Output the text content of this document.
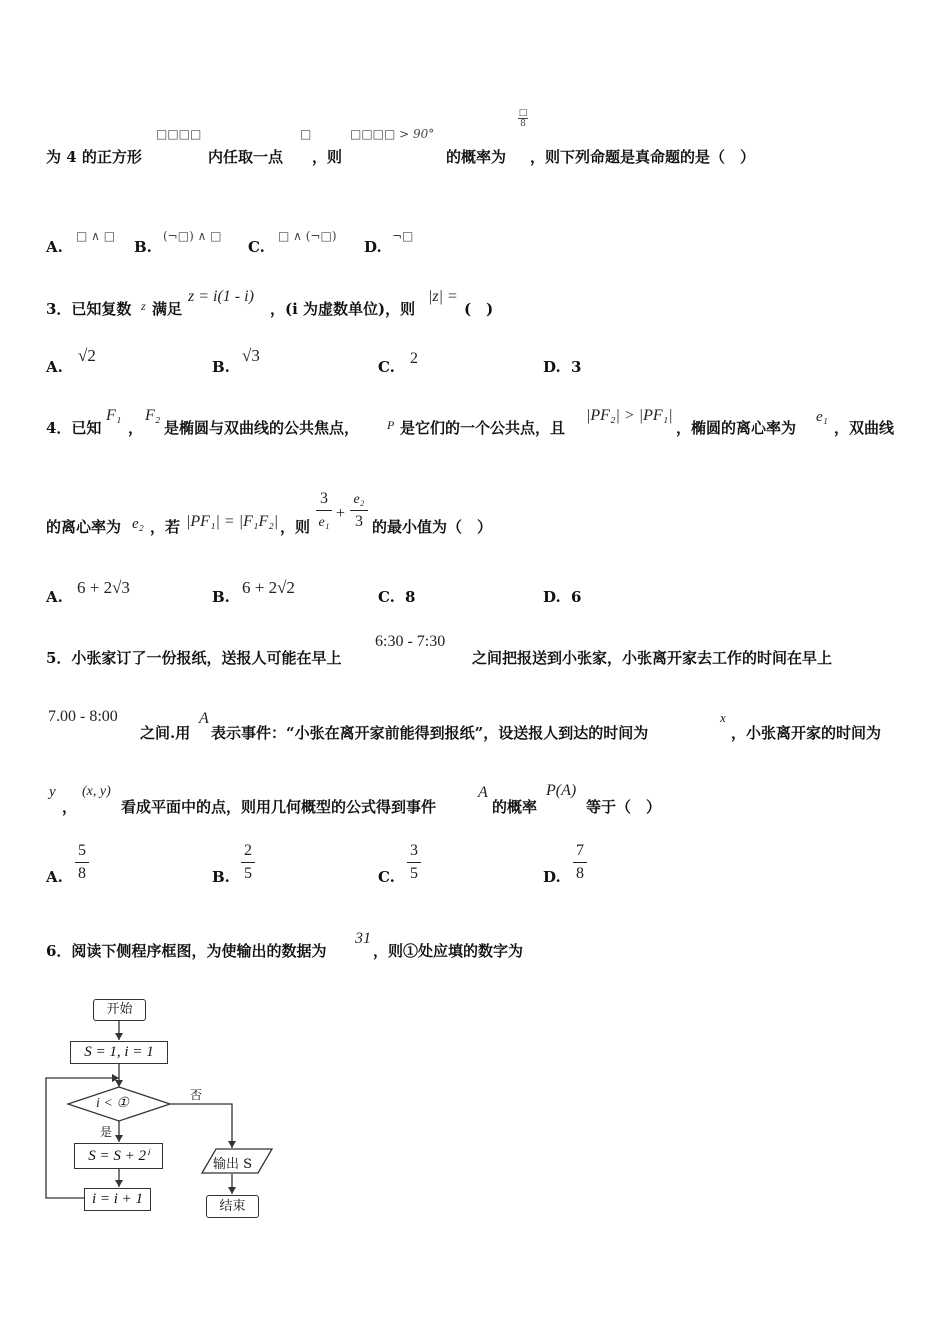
为 4 的正方形
□□□□
内任取一点
□
，则
□□□□ > 90°
的概率为
□
8
，则下列命题是真命题的是（　）
A.
□ ∧ □
B.
(¬□) ∧ □
C.
□ ∧ (¬□)
D.
¬□
3．已知复数 z 满足
z = i(1 - i)
，(i 为虚数单位)，则
|z| =
(　)
A.
√2
B.
√3
C. 2	D. 3
4．已知
F₁
，
F₂
是椭圆与双曲线的公共焦点， P 是它们的一个公共点，且
|PF₂| > |PF₁|
，椭圆的离心率为
e₁
，双曲线
的离心率为 e₂ ，若 |PF₁| = |F₁F₂| ，则
3
e₁
+
e₂
3 的最小值为（　）
A. 6 + 2√3	B. 6 + 2√2	C. 8	D. 6
5．小张家订了一份报纸，送报人可能在早上
6:30 - 7:30
之间把报送到小张家，小张离开家去工作的时间在早上
7.00 - 8:00
之间.用
A
表示事件：“小张在离开家前能得到报纸”，设送报人到达的时间为
x
，小张离开家的时间为
y
，
(x, y)
看成平面中的点，则用几何概型的公式得到事件
A
的概率
P(A)
等于（　）
A.
5
8	B.
2
5	C.
3
5	D.
7
8
6．阅读下侧程序框图，为使输出的数据为
31
，则①处应填的数字为
开始
S = 1, i = 1
i < ①
否
是
S = S + 2ⁱ
i = i + 1
输出 S
结束
